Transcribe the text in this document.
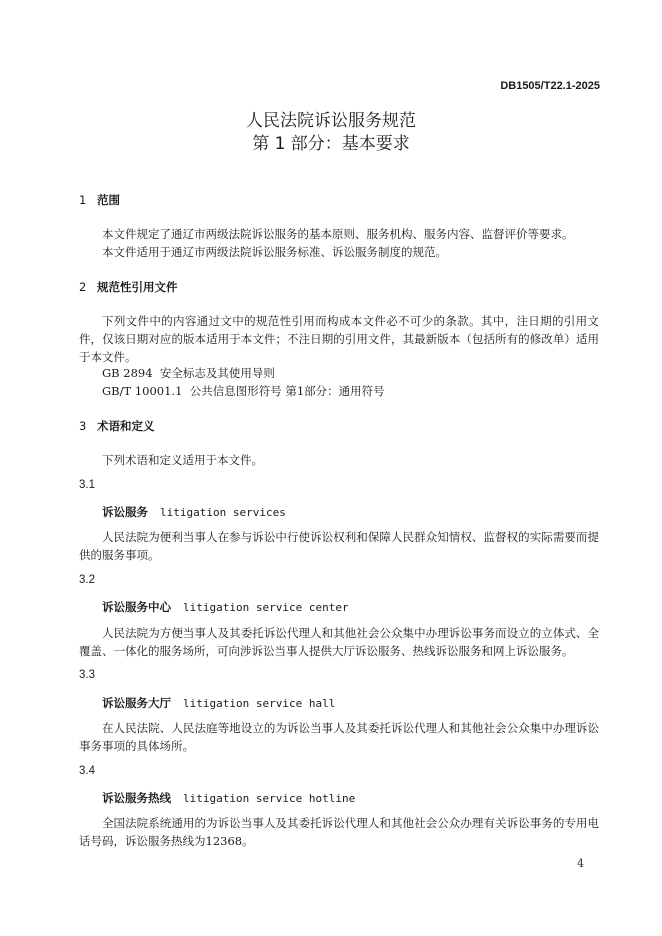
DB1505/T22.1-2025
人民法院诉讼服务规范
第 1 部分：基本要求
1 范围
本文件规定了通辽市两级法院诉讼服务的基本原则、服务机构、服务内容、监督评价等要求。
本文件适用于通辽市两级法院诉讼服务标准、诉讼服务制度的规范。
2 规范性引用文件
下列文件中的内容通过文中的规范性引用而构成本文件必不可少的条款。其中，注日期的引用文件，仅该日期对应的版本适用于本文件；不注日期的引用文件，其最新版本（包括所有的修改单）适用于本文件。
GB 2894  安全标志及其使用导则
GB/T 10001.1  公共信息图形符号 第1部分：通用符号
3 术语和定义
下列术语和定义适用于本文件。
3.1
诉讼服务 litigation services
人民法院为便利当事人在参与诉讼中行使诉讼权利和保障人民群众知情权、监督权的实际需要而提供的服务事项。
3.2
诉讼服务中心 litigation service center
人民法院为方便当事人及其委托诉讼代理人和其他社会公众集中办理诉讼事务而设立的立体式、全覆盖、一体化的服务场所，可向涉诉讼当事人提供大厅诉讼服务、热线诉讼服务和网上诉讼服务。
3.3
诉讼服务大厅 litigation service hall
在人民法院、人民法庭等地设立的为诉讼当事人及其委托诉讼代理人和其他社会公众集中办理诉讼事务事项的具体场所。
3.4
诉讼服务热线 litigation service hotline
全国法院系统通用的为诉讼当事人及其委托诉讼代理人和其他社会公众办理有关诉讼事务的专用电话号码，诉讼服务热线为12368。
4
